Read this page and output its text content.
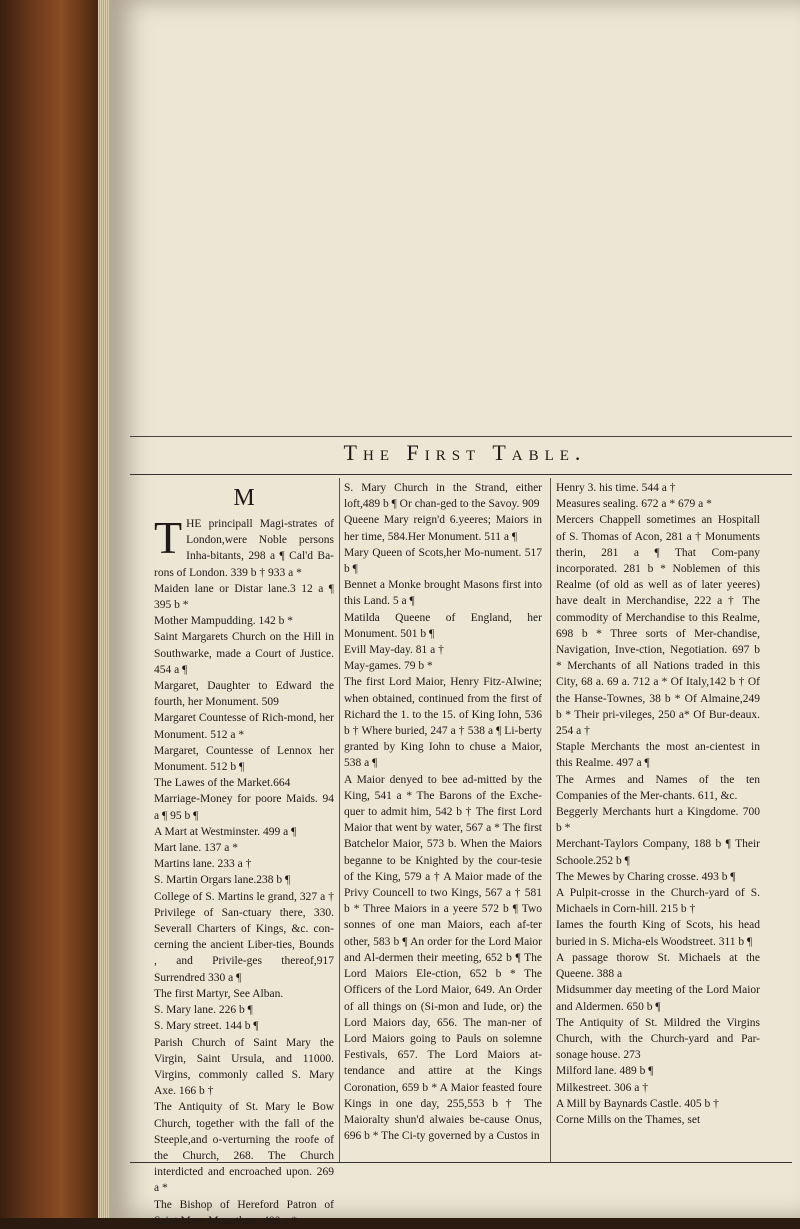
The First Table.

M

THE principall Magi-strates of London,were Noble persons Inha-bitants, 298 a ¶ Cal'd Ba-rons of London. 339 b † 933 a *

Maiden lane or Distar lane.3 12 a ¶ 395 b *

Mother Mampudding. 142 b *

Saint Margarets Church on the Hill in Southwarke, made a Court of Justice. 454 a ¶

Margaret, Daughter to Edward the fourth, her Monument. 509

Margaret Countesse of Rich-mond, her Monument. 512 a *

Margaret, Countesse of Lennox her Monument. 512 b ¶

The Lawes of the Market.664

Marriage-Money for poore Maids. 94 a ¶ 95 b ¶

A Mart at Westminster. 499 a ¶

Mart lane. 137 a *

Martins lane. 233 a †

S. Martin Orgars lane.238 b ¶

College of S. Martins le grand, 327 a † Privilege of San-ctuary there, 330. Severall Charters of Kings, &c. con-cerning the ancient Liber-ties, Bounds , and Privile-ges thereof,917 Surrendred 330 a ¶

The first Martyr, See Alban.

S. Mary lane. 226 b ¶

S. Mary street. 144 b ¶

Parish Church of Saint Mary the Virgin, Saint Ursula, and 11000. Virgins, commonly called S. Mary Axe. 166 b †

The Antiquity of St. Mary le Bow Church, together with the fall of the Steeple,and o-verturning the roofe of the Church, 268. The Church interdicted and encroached upon. 269 a *

The Bishop of Hereford Patron of Saint Mary Mounthaw. 400 a *

S. Mary Church in the Strand, either loft,489 b ¶ Or chan-ged to the Savoy. 909

Queene Mary reign'd 6.yeeres; Maiors in her time, 584.Her Monument. 511 a ¶

Mary Queen of Scots,her Mo-nument. 517 b ¶

Bennet a Monke brought Masons first into this Land. 5 a ¶

Matilda Queene of England, her Monument. 501 b ¶

Evill May-day. 81 a †

May-games. 79 b *

The first Lord Maior, Henry Fitz-Alwine; when obtained, continued from the first of Richard the 1. to the 15. of King Iohn, 536 b † Where buried, 247 a † 538 a ¶ Li-berty granted by King Iohn to chuse a Maior, 538 a ¶

A Maior denyed to bee ad-mitted by the King, 541 a * The Barons of the Exche-quer to admit him, 542 b † The first Lord Maior that went by water, 567 a * The first Batchelor Maior, 573 b. When the Maiors beganne to be Knighted by the cour-tesie of the King, 579 a † A Maior made of the Privy Councell to two Kings, 567 a † 581 b * Three Maiors in a yeere 572 b ¶ Two sonnes of one man Maiors, each af-ter other, 583 b ¶ An order for the Lord Maior and Al-dermen their meeting, 652 b ¶ The Lord Maiors Ele-ction, 652 b * The Officers of the Lord Maior, 649. An Order of all things on (Si-mon and Iude, or) the Lord Maiors day, 656. The man-ner of Lord Maiors going to Pauls on solemne Festivals, 657. The Lord Maiors at-tendance and attire at the Kings Coronation, 659 b * A Maior feasted foure Kings in one day, 255,553 b † The Maioralty shun'd alwaies be-cause Onus, 696 b * The Ci-ty governed by a Custos in

Henry 3. his time. 544 a †

Measures sealing. 672 a * 679 a *

Mercers Chappell sometimes an Hospitall of S. Thomas of Acon, 281 a † Monuments therin, 281 a ¶ That Com-pany incorporated. 281 b * Noblemen of this Realme (of old as well as of later yeeres) have dealt in Merchandise, 222 a † The commodity of Merchandise to this Realme, 698 b * Three sorts of Mer-chandise, Navigation, Inve-ction, Negotiation. 697 b * Merchants of all Nations traded in this City, 68 a. 69 a. 712 a * Of Italy,142 b † Of the Hanse-Townes, 38 b * Of Almaine,249 b * Their pri-vileges, 250 a* Of Bur-deaux. 254 a †

Staple Merchants the most an-cientest in this Realme. 497 a ¶

The Armes and Names of the ten Companies of the Mer-chants. 611, &c.

Beggerly Merchants hurt a Kingdome. 700 b *

Merchant-Taylors Company, 188 b ¶ Their Schoole.252 b ¶

The Mewes by Charing crosse. 493 b ¶

A Pulpit-crosse in the Church-yard of S. Michaels in Corn-hill. 215 b †

Iames the fourth King of Scots, his head buried in S. Micha-els Woodstreet. 311 b ¶

A passage thorow St. Michaels at the Queene. 388 a

Midsummer day meeting of the Lord Maior and Aldermen. 650 b ¶

The Antiquity of St. Mildred the Virgins Church, with the Church-yard and Par-sonage house. 273

Milford lane. 489 b ¶

Milkestreet. 306 a †

A Mill by Baynards Castle. 405 b †

Corne Mills on the Thames, set
